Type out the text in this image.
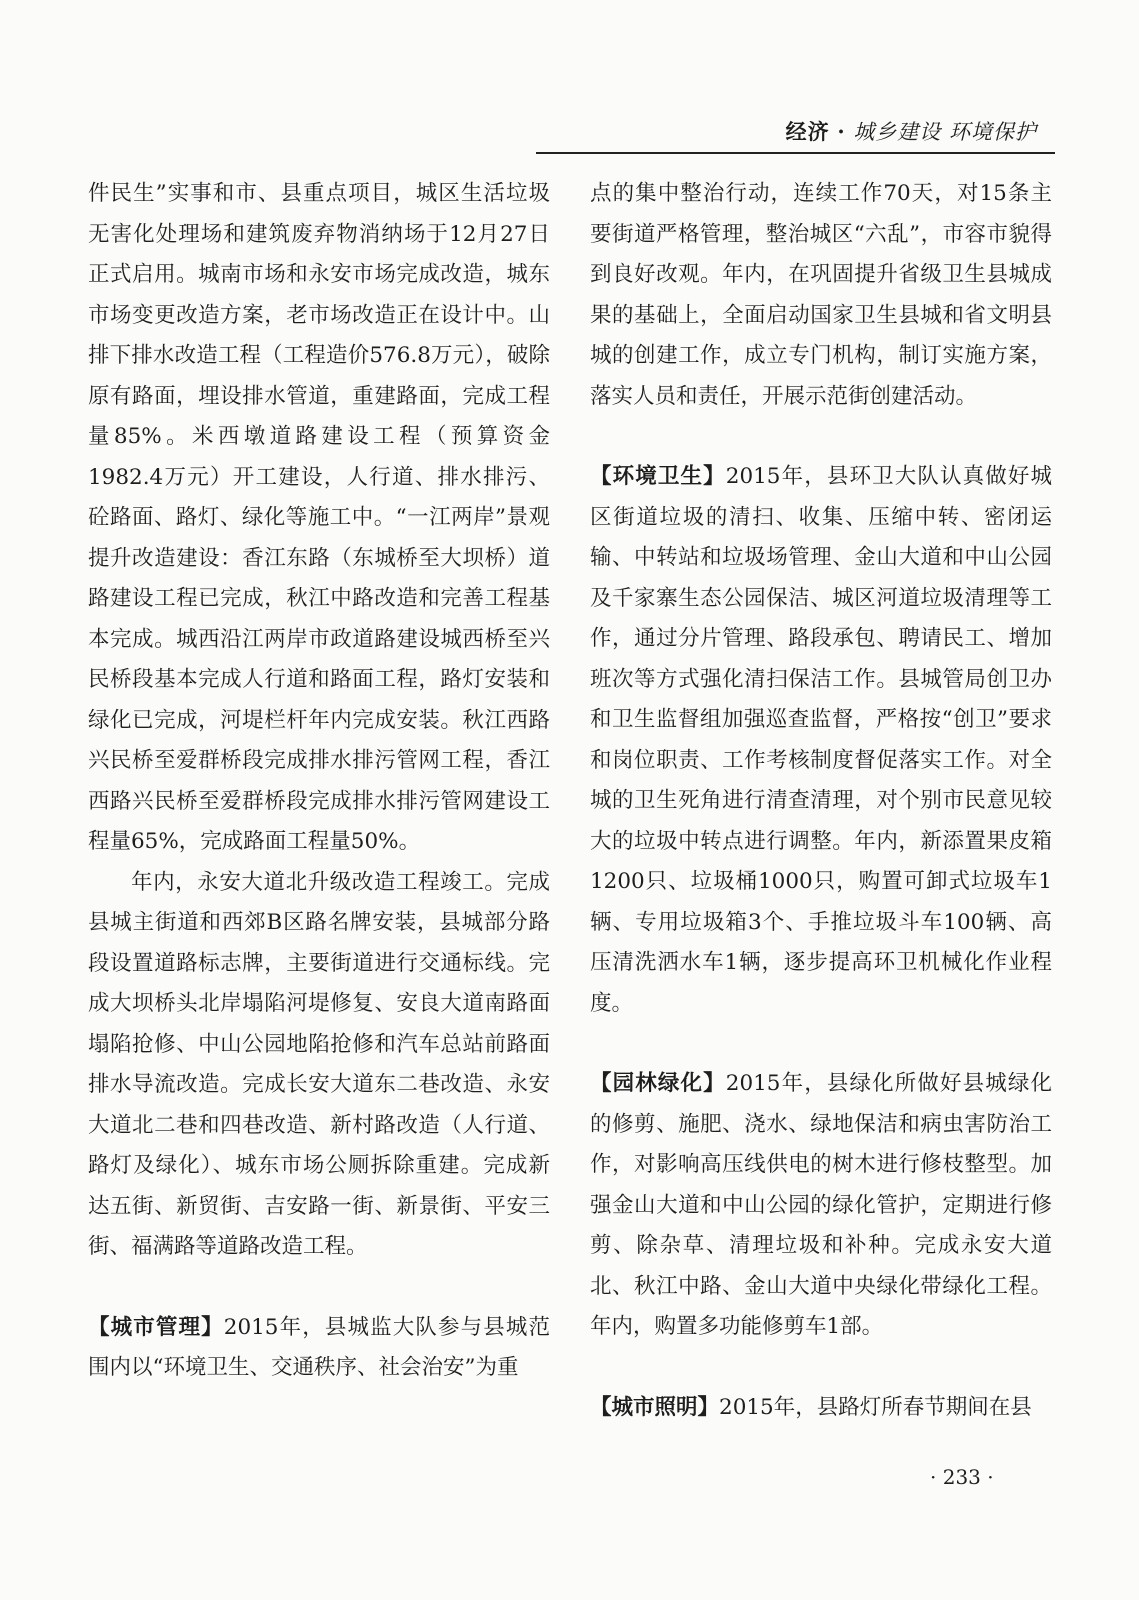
经济 · 城乡建设 环境保护

件民生”实事和市、县重点项目，城区生活垃圾无害化处理场和建筑废弃物消纳场于12月27日正式启用。城南市场和永安市场完成改造，城东市场变更改造方案，老市场改造正在设计中。山排下排水改造工程（工程造价576.8万元），破除原有路面，埋设排水管道，重建路面，完成工程量85%。米西墩道路建设工程（预算资金1982.4万元）开工建设，人行道、排水排污、砼路面、路灯、绿化等施工中。“一江两岸”景观提升改造建设：香江东路（东城桥至大坝桥）道路建设工程已完成，秋江中路改造和完善工程基本完成。城西沿江两岸市政道路建设城西桥至兴民桥段基本完成人行道和路面工程，路灯安装和绿化已完成，河堤栏杆年内完成安装。秋江西路兴民桥至爱群桥段完成排水排污管网工程，香江西路兴民桥至爱群桥段完成排水排污管网建设工程量65%，完成路面工程量50%。

年内，永安大道北升级改造工程竣工。完成县城主街道和西郊B区路名牌安装，县城部分路段设置道路标志牌，主要街道进行交通标线。完成大坝桥头北岸塌陷河堤修复、安良大道南路面塌陷抢修、中山公园地陷抢修和汽车总站前路面排水导流改造。完成长安大道东二巷改造、永安大道北二巷和四巷改造、新村路改造（人行道、路灯及绿化）、城东市场公厕拆除重建。完成新达五街、新贸街、吉安路一街、新景街、平安三街、福满路等道路改造工程。

【城市管理】2015年，县城监大队参与县城范围内以“环境卫生、交通秩序、社会治安”为重

点的集中整治行动，连续工作70天，对15条主要街道严格管理，整治城区“六乱”，市容市貌得到良好改观。年内，在巩固提升省级卫生县城成果的基础上，全面启动国家卫生县城和省文明县城的创建工作，成立专门机构，制订实施方案，落实人员和责任，开展示范街创建活动。

【环境卫生】2015年，县环卫大队认真做好城区街道垃圾的清扫、收集、压缩中转、密闭运输、中转站和垃圾场管理、金山大道和中山公园及千家寨生态公园保洁、城区河道垃圾清理等工作，通过分片管理、路段承包、聘请民工、增加班次等方式强化清扫保洁工作。县城管局创卫办和卫生监督组加强巡查监督，严格按“创卫”要求和岗位职责、工作考核制度督促落实工作。对全城的卫生死角进行清查清理，对个别市民意见较大的垃圾中转点进行调整。年内，新添置果皮箱1200只、垃圾桶1000只，购置可卸式垃圾车1辆、专用垃圾箱3个、手推垃圾斗车100辆、高压清洗洒水车1辆，逐步提高环卫机械化作业程度。

【园林绿化】2015年，县绿化所做好县城绿化的修剪、施肥、浇水、绿地保洁和病虫害防治工作，对影响高压线供电的树木进行修枝整型。加强金山大道和中山公园的绿化管护，定期进行修剪、除杂草、清理垃圾和补种。完成永安大道北、秋江中路、金山大道中央绿化带绿化工程。年内，购置多功能修剪车1部。

【城市照明】2015年，县路灯所春节期间在县

· 233 ·
